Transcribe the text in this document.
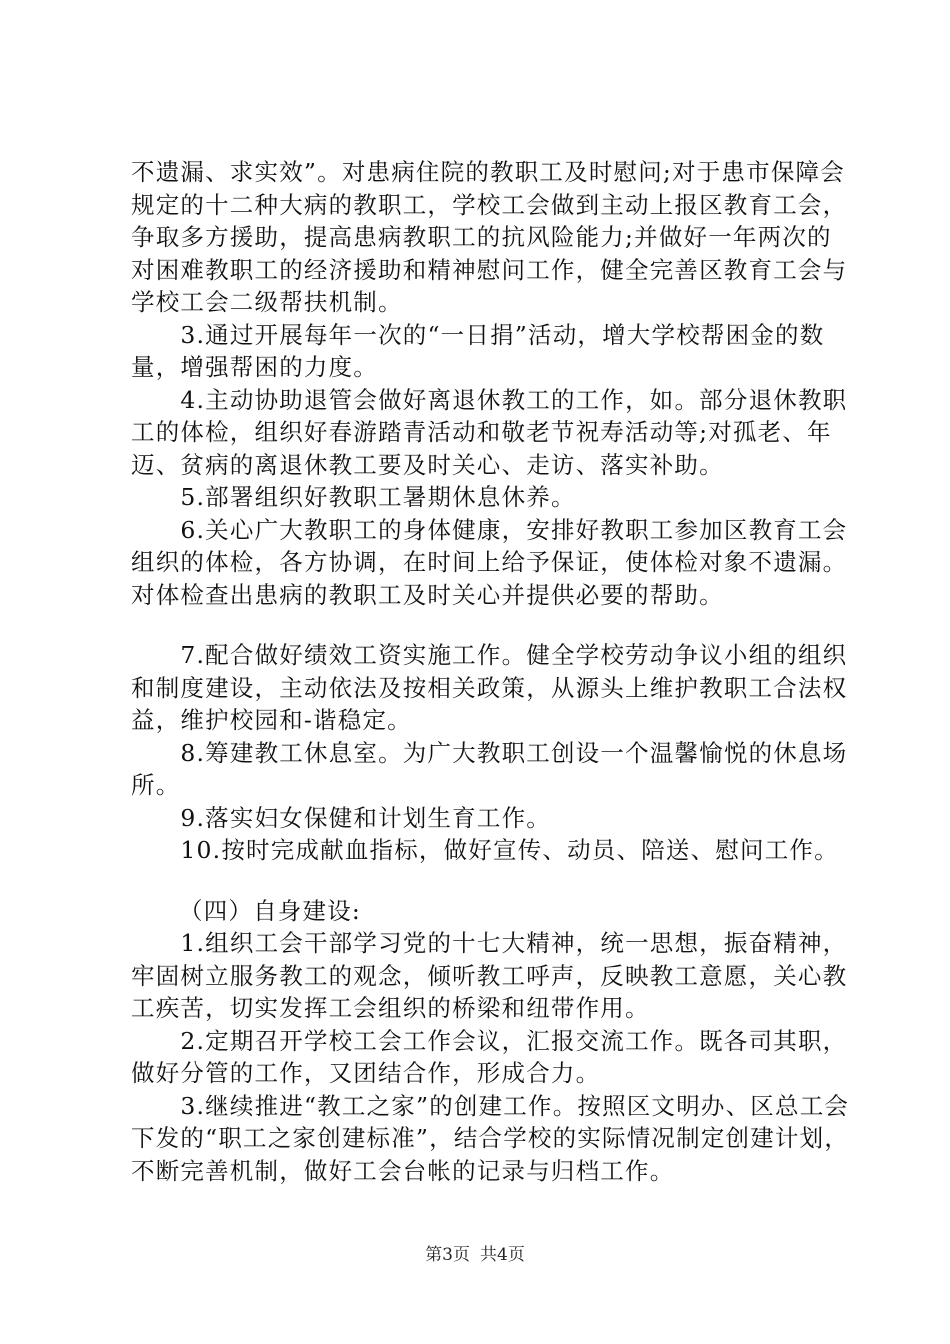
不遗漏、求实效”。对患病住院的教职工及时慰问;对于患市保障会规定的十二种大病的教职工，学校工会做到主动上报区教育工会，争取多方援助，提高患病教职工的抗风险能力;并做好一年两次的对困难教职工的经济援助和精神慰问工作，健全完善区教育工会与学校工会二级帮扶机制。

3.通过开展每年一次的“一日捐”活动，增大学校帮困金的数量，增强帮困的力度。

4.主动协助退管会做好离退休教工的工作，如。部分退休教职工的体检，组织好春游踏青活动和敬老节祝寿活动等;对孤老、年迈、贫病的离退休教工要及时关心、走访、落实补助。

5.部署组织好教职工暑期休息休养。

6.关心广大教职工的身体健康，安排好教职工参加区教育工会组织的体检，各方协调，在时间上给予保证，使体检对象不遗漏。对体检查出患病的教职工及时关心并提供必要的帮助。

7.配合做好绩效工资实施工作。健全学校劳动争议小组的组织和制度建设，主动依法及按相关政策，从源头上维护教职工合法权益，维护校园和-谐稳定。

8.筹建教工休息室。为广大教职工创设一个温馨愉悦的休息场所。

9.落实妇女保健和计划生育工作。

10.按时完成献血指标，做好宣传、动员、陪送、慰问工作。

（四）自身建设:

1.组织工会干部学习党的十七大精神，统一思想，振奋精神，牢固树立服务教工的观念，倾听教工呼声，反映教工意愿，关心教工疾苦，切实发挥工会组织的桥梁和纽带作用。

2.定期召开学校工会工作会议，汇报交流工作。既各司其职，做好分管的工作，又团结合作，形成合力。

3.继续推进“教工之家”的创建工作。按照区文明办、区总工会下发的“职工之家创建标准”，结合学校的实际情况制定创建计划，不断完善机制，做好工会台帐的记录与归档工作。

第3页 共4页
